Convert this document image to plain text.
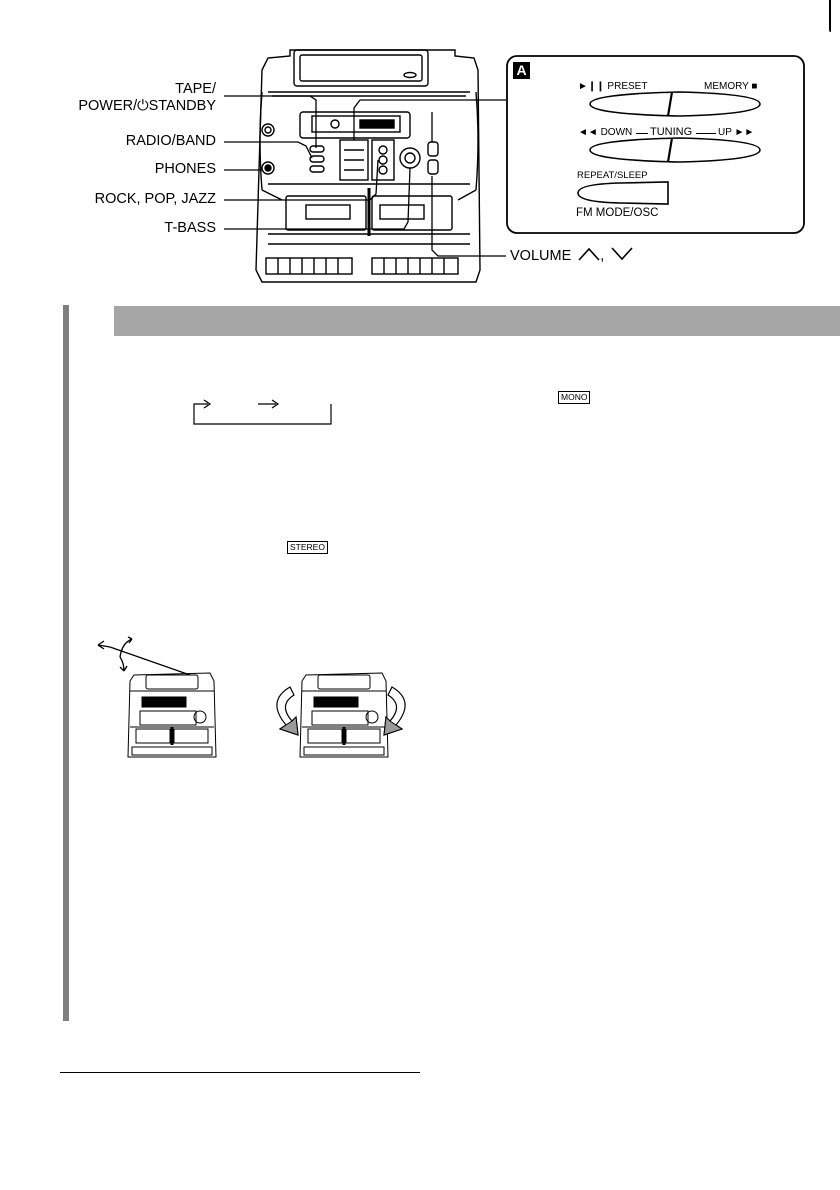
A
►❙❙ PRESET	MEMORY ■
◄◄ DOWN TUNING	UP ►►
REPEAT/SLEEP
FM MODE/OSC
TAPE/
POWER/⏻STANDBY
RADIO/BAND
PHONES
ROCK, POP, JAZZ
T-BASS
VOLUME ,
MONO
STEREO
